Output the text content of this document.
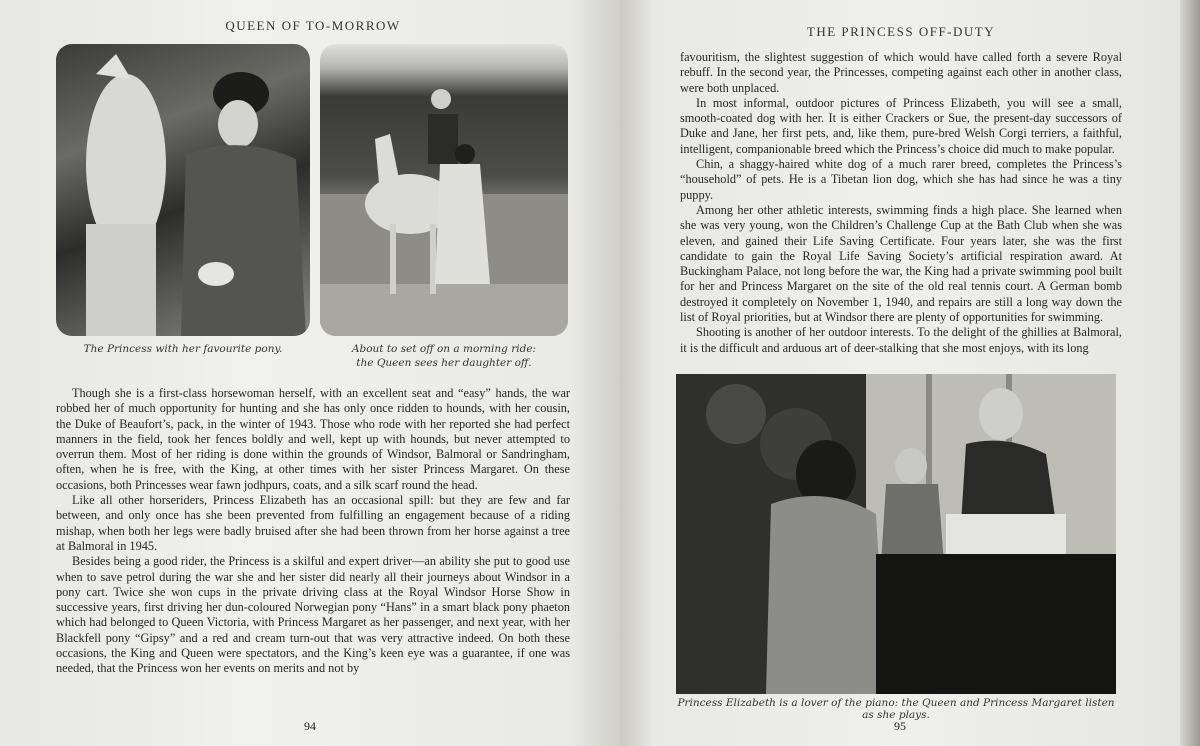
QUEEN OF TO-MORROW
The Princess with her favourite pony.	About to set off on a morning ride:
the Queen sees her daughter off.

Though she is a first-class horsewoman herself, with an excellent seat and “easy” hands, the war robbed her of much opportunity for hunting and she has only once ridden to hounds, with her cousin, the Duke of Beaufort’s, pack, in the winter of 1943. Those who rode with her reported she had perfect manners in the field, took her fences boldly and well, kept up with hounds, but never attempted to overrun them. Most of her riding is done within the grounds of Windsor, Balmoral or Sandringham, often, when he is free, with the King, at other times with her sister Princess Margaret. On these occasions, both Princesses wear fawn jodhpurs, coats, and a silk scarf round the head.

Like all other horseriders, Princess Elizabeth has an occasional spill: but they are few and far between, and only once has she been prevented from fulfilling an engagement because of a riding mishap, when both her legs were badly bruised after she had been thrown from her horse against a tree at Balmoral in 1945.

Besides being a good rider, the Princess is a skilful and expert driver—an ability she put to good use when to save petrol during the war she and her sister did nearly all their journeys about Windsor in a pony cart. Twice she won cups in the private driving class at the Royal Windsor Horse Show in successive years, first driving her dun-coloured Norwegian pony “Hans” in a smart black pony phaeton which had belonged to Queen Victoria, with Princess Margaret as her passenger, and next year, with her Blackfell pony “Gipsy” and a red and cream turn-out that was very attractive indeed. On both these occasions, the King and Queen were spectators, and the King’s keen eye was a guarantee, if one was needed, that the Princess won her events on merits and not by

94
THE PRINCESS OFF-DUTY

favouritism, the slightest suggestion of which would have called forth a severe Royal rebuff. In the second year, the Princesses, competing against each other in another class, were both unplaced.

In most informal, outdoor pictures of Princess Elizabeth, you will see a small, smooth-coated dog with her. It is either Crackers or Sue, the present-day successors of Duke and Jane, her first pets, and, like them, pure-bred Welsh Corgi terriers, a faithful, intelligent, companionable breed which the Princess’s choice did much to make popular.

Chin, a shaggy-haired white dog of a much rarer breed, completes the Princess’s “household” of pets. He is a Tibetan lion dog, which she has had since he was a tiny puppy.

Among her other athletic interests, swimming finds a high place. She learned when she was very young, won the Children’s Challenge Cup at the Bath Club when she was eleven, and gained their Life Saving Certificate. Four years later, she was the first candidate to gain the Royal Life Saving Society’s artificial respiration award. At Buckingham Palace, not long before the war, the King had a private swimming pool built for her and Princess Margaret on the site of the old real tennis court. A German bomb destroyed it completely on November 1, 1940, and repairs are still a long way down the list of Royal priorities, but at Windsor there are plenty of opportunities for swimming.

Shooting is another of her outdoor interests. To the delight of the ghillies at Balmoral, it is the difficult and arduous art of deer-stalking that she most enjoys, with its long

Princess Elizabeth is a lover of the piano: the Queen and Princess Margaret listen as she plays.
95
